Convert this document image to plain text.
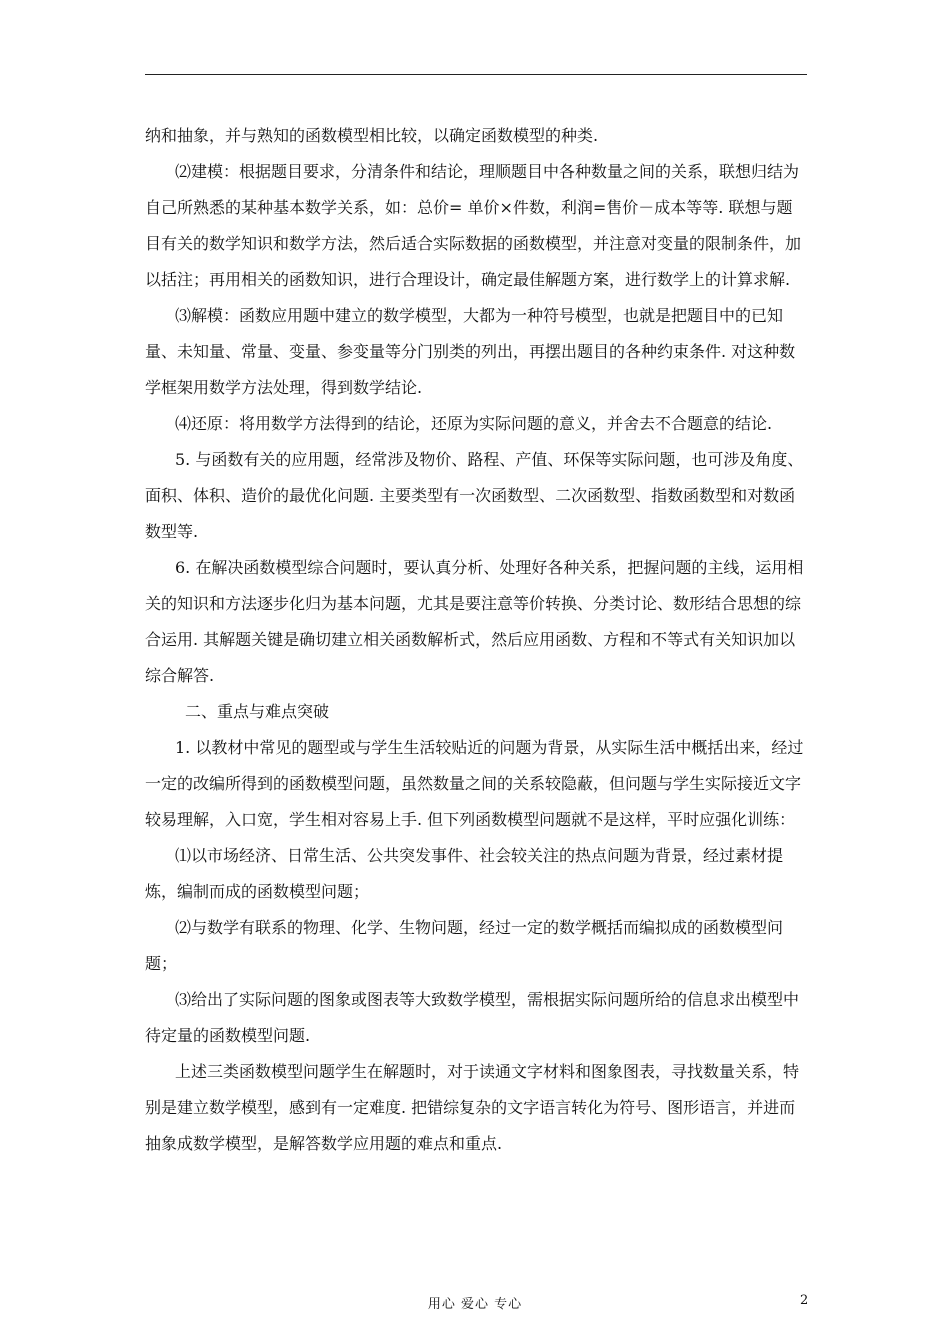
纳和抽象，并与熟知的函数模型相比较，以确定函数模型的种类.

⑵建模：根据题目要求，分清条件和结论，理顺题目中各种数量之间的关系，联想归结为自己所熟悉的某种基本数学关系，如：总价= 单价×件数，利润=售价－成本等等. 联想与题目有关的数学知识和数学方法，然后适合实际数据的函数模型，并注意对变量的限制条件，加以括注；再用相关的函数知识，进行合理设计，确定最佳解题方案，进行数学上的计算求解.

⑶解模：函数应用题中建立的数学模型，大都为一种符号模型，也就是把题目中的已知量、未知量、常量、变量、参变量等分门别类的列出，再摆出题目的各种约束条件. 对这种数学框架用数学方法处理，得到数学结论.

⑷还原：将用数学方法得到的结论，还原为实际问题的意义，并舍去不合题意的结论.

5. 与函数有关的应用题，经常涉及物价、路程、产值、环保等实际问题，也可涉及角度、面积、体积、造价的最优化问题. 主要类型有一次函数型、二次函数型、指数函数型和对数函数型等.

6. 在解决函数模型综合问题时，要认真分析、处理好各种关系，把握问题的主线，运用相关的知识和方法逐步化归为基本问题，尤其是要注意等价转换、分类讨论、数形结合思想的综合运用. 其解题关键是确切建立相关函数解析式，然后应用函数、方程和不等式有关知识加以综合解答.

二、重点与难点突破

1. 以教材中常见的题型或与学生生活较贴近的问题为背景，从实际生活中概括出来，经过一定的改编所得到的函数模型问题，虽然数量之间的关系较隐蔽，但问题与学生实际接近文字较易理解，入口宽，学生相对容易上手. 但下列函数模型问题就不是这样，平时应强化训练：

⑴以市场经济、日常生活、公共突发事件、社会较关注的热点问题为背景，经过素材提炼，编制而成的函数模型问题；

⑵与数学有联系的物理、化学、生物问题，经过一定的数学概括而编拟成的函数模型问题；

⑶给出了实际问题的图象或图表等大致数学模型，需根据实际问题所给的信息求出模型中待定量的函数模型问题.

上述三类函数模型问题学生在解题时，对于读通文字材料和图象图表，寻找数量关系，特别是建立数学模型，感到有一定难度. 把错综复杂的文字语言转化为符号、图形语言，并进而抽象成数学模型，是解答数学应用题的难点和重点.

用心 爱心 专心	2
